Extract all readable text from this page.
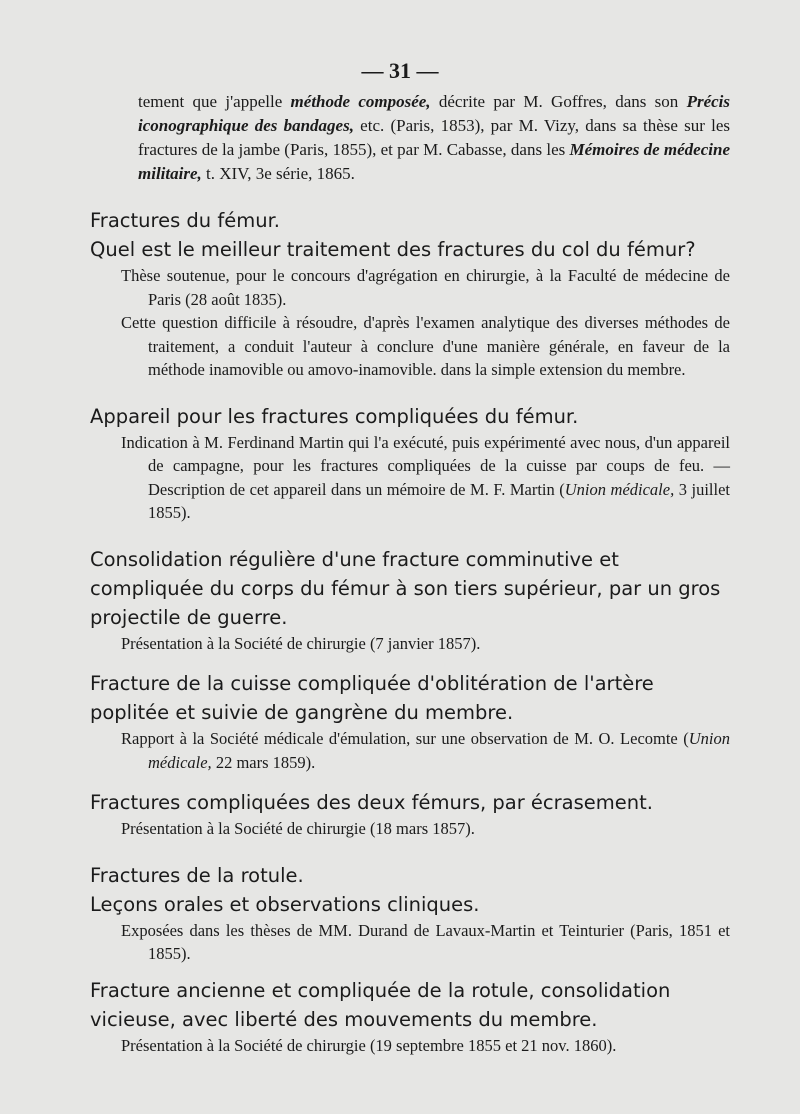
— 31 —

tement que j'appelle méthode composée, décrite par M. Goffres, dans son Précis iconographique des bandages, etc. (Paris, 1853), par M. Vizy, dans sa thèse sur les fractures de la jambe (Paris, 1855), et par M. Cabasse, dans les Mémoires de médecine militaire, t. XIV, 3e série, 1865.

Fractures du fémur.

Quel est le meilleur traitement des fractures du col du fémur?

Thèse soutenue, pour le concours d'agrégation en chirurgie, à la Faculté de médecine de Paris (28 août 1835).

Cette question difficile à résoudre, d'après l'examen analytique des diverses méthodes de traitement, a conduit l'auteur à conclure d'une manière générale, en faveur de la méthode inamovible ou amovo-inamovible. dans la simple extension du membre.

Appareil pour les fractures compliquées du fémur.

Indication à M. Ferdinand Martin qui l'a exécuté, puis expérimenté avec nous, d'un appareil de campagne, pour les fractures compliquées de la cuisse par coups de feu. — Description de cet appareil dans un mémoire de M. F. Martin (Union médicale, 3 juillet 1855).

Consolidation régulière d'une fracture comminutive et compliquée du corps du fémur à son tiers supérieur, par un gros projectile de guerre.

Présentation à la Société de chirurgie (7 janvier 1857).

Fracture de la cuisse compliquée d'oblitération de l'artère poplitée et suivie de gangrène du membre.

Rapport à la Société médicale d'émulation, sur une observation de M. O. Lecomte (Union médicale, 22 mars 1859).

Fractures compliquées des deux fémurs, par écrasement.

Présentation à la Société de chirurgie (18 mars 1857).

Fractures de la rotule.

Leçons orales et observations cliniques.

Exposées dans les thèses de MM. Durand de Lavaux-Martin et Teinturier (Paris, 1851 et 1855).

Fracture ancienne et compliquée de la rotule, consolidation vicieuse, avec liberté des mouvements du membre.

Présentation à la Société de chirurgie (19 septembre 1855 et 21 nov. 1860).
